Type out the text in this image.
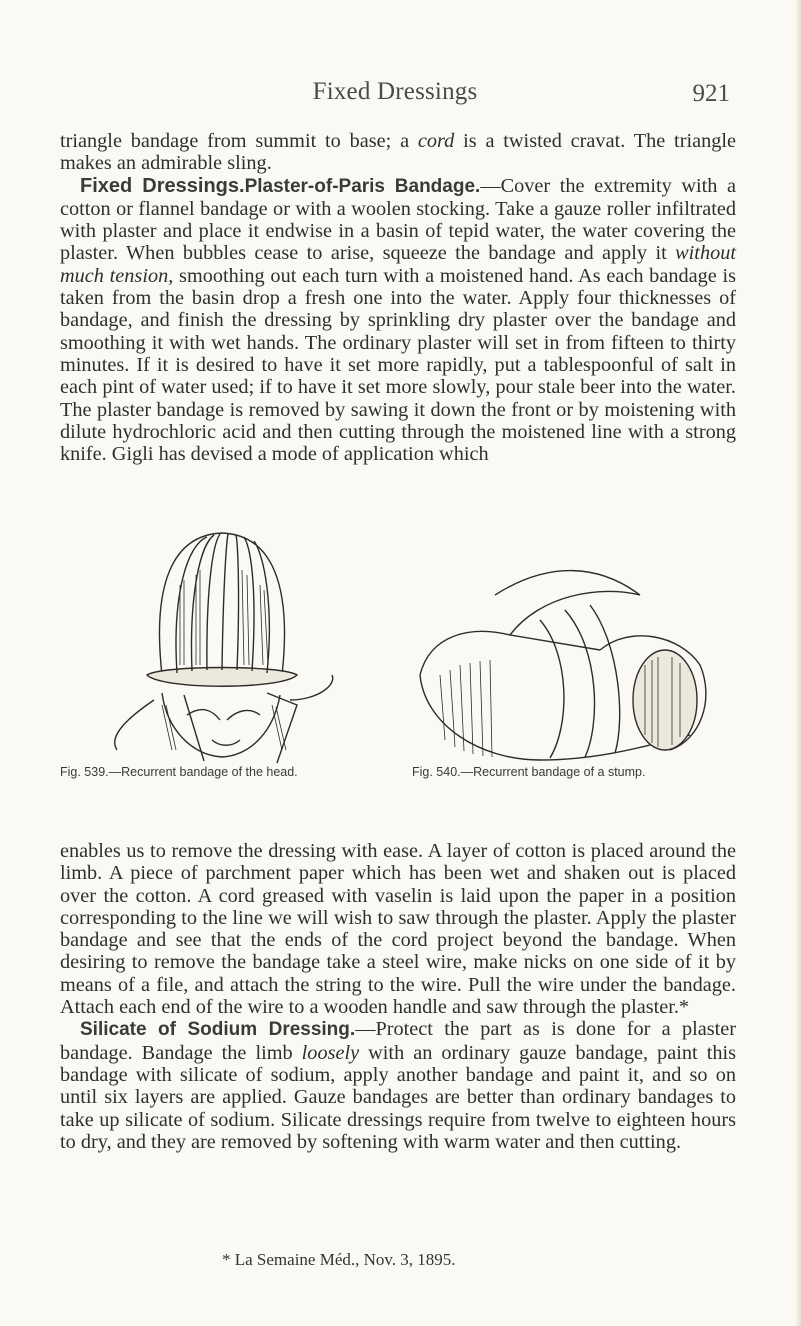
Fixed Dressings	921

triangle bandage from summit to base; a cord is a twisted cravat. The triangle makes an admirable sling.

Fixed Dressings.Plaster-of-Paris Bandage.—Cover the extremity with a cotton or flannel bandage or with a woolen stocking. Take a gauze roller infiltrated with plaster and place it endwise in a basin of tepid water, the water covering the plaster. When bubbles cease to arise, squeeze the bandage and apply it without much tension, smoothing out each turn with a moistened hand. As each bandage is taken from the basin drop a fresh one into the water. Apply four thicknesses of bandage, and finish the dressing by sprinkling dry plaster over the bandage and smoothing it with wet hands. The ordinary plaster will set in from fifteen to thirty minutes. If it is desired to have it set more rapidly, put a tablespoonful of salt in each pint of water used; if to have it set more slowly, pour stale beer into the water. The plaster bandage is removed by sawing it down the front or by moistening with dilute hydrochloric acid and then cutting through the moistened line with a strong knife. Gigli has devised a mode of application which

Fig. 539.—Recurrent bandage of the head.	Fig. 540.—Recurrent bandage of a stump.

enables us to remove the dressing with ease. A layer of cotton is placed around the limb. A piece of parchment paper which has been wet and shaken out is placed over the cotton. A cord greased with vaselin is laid upon the paper in a position corresponding to the line we will wish to saw through the plaster. Apply the plaster bandage and see that the ends of the cord project beyond the bandage. When desiring to remove the bandage take a steel wire, make nicks on one side of it by means of a file, and attach the string to the wire. Pull the wire under the bandage. Attach each end of the wire to a wooden handle and saw through the plaster.*

Silicate of Sodium Dressing.—Protect the part as is done for a plaster bandage. Bandage the limb loosely with an ordinary gauze bandage, paint this bandage with silicate of sodium, apply another bandage and paint it, and so on until six layers are applied. Gauze bandages are better than ordinary bandages to take up silicate of sodium. Silicate dressings require from twelve to eighteen hours to dry, and they are removed by softening with warm water and then cutting.

* La Semaine Méd., Nov. 3, 1895.
